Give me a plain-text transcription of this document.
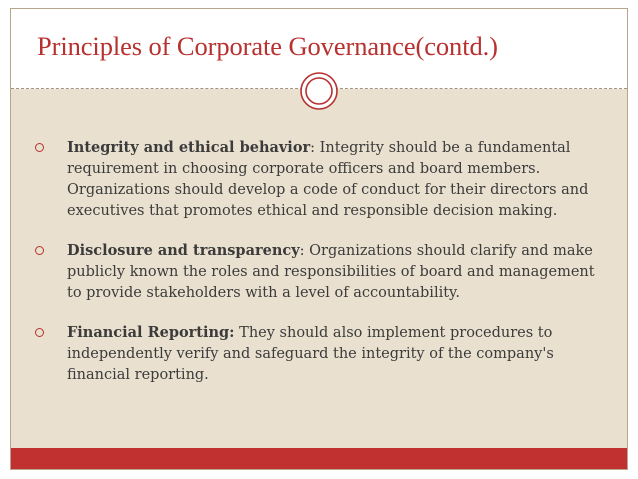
Principles of Corporate Governance(contd.)

Integrity and ethical behavior: Integrity should be a fundamental requirement in choosing corporate officers and board members. Organizations should develop a code of conduct for their directors and executives that promotes ethical and responsible decision making.

Disclosure and transparency: Organizations should clarify and make publicly known the roles and responsibilities of board and management to provide stakeholders with a level of accountability.

Financial Reporting: They should also implement procedures to independently verify and safeguard the integrity of the company's financial reporting.
